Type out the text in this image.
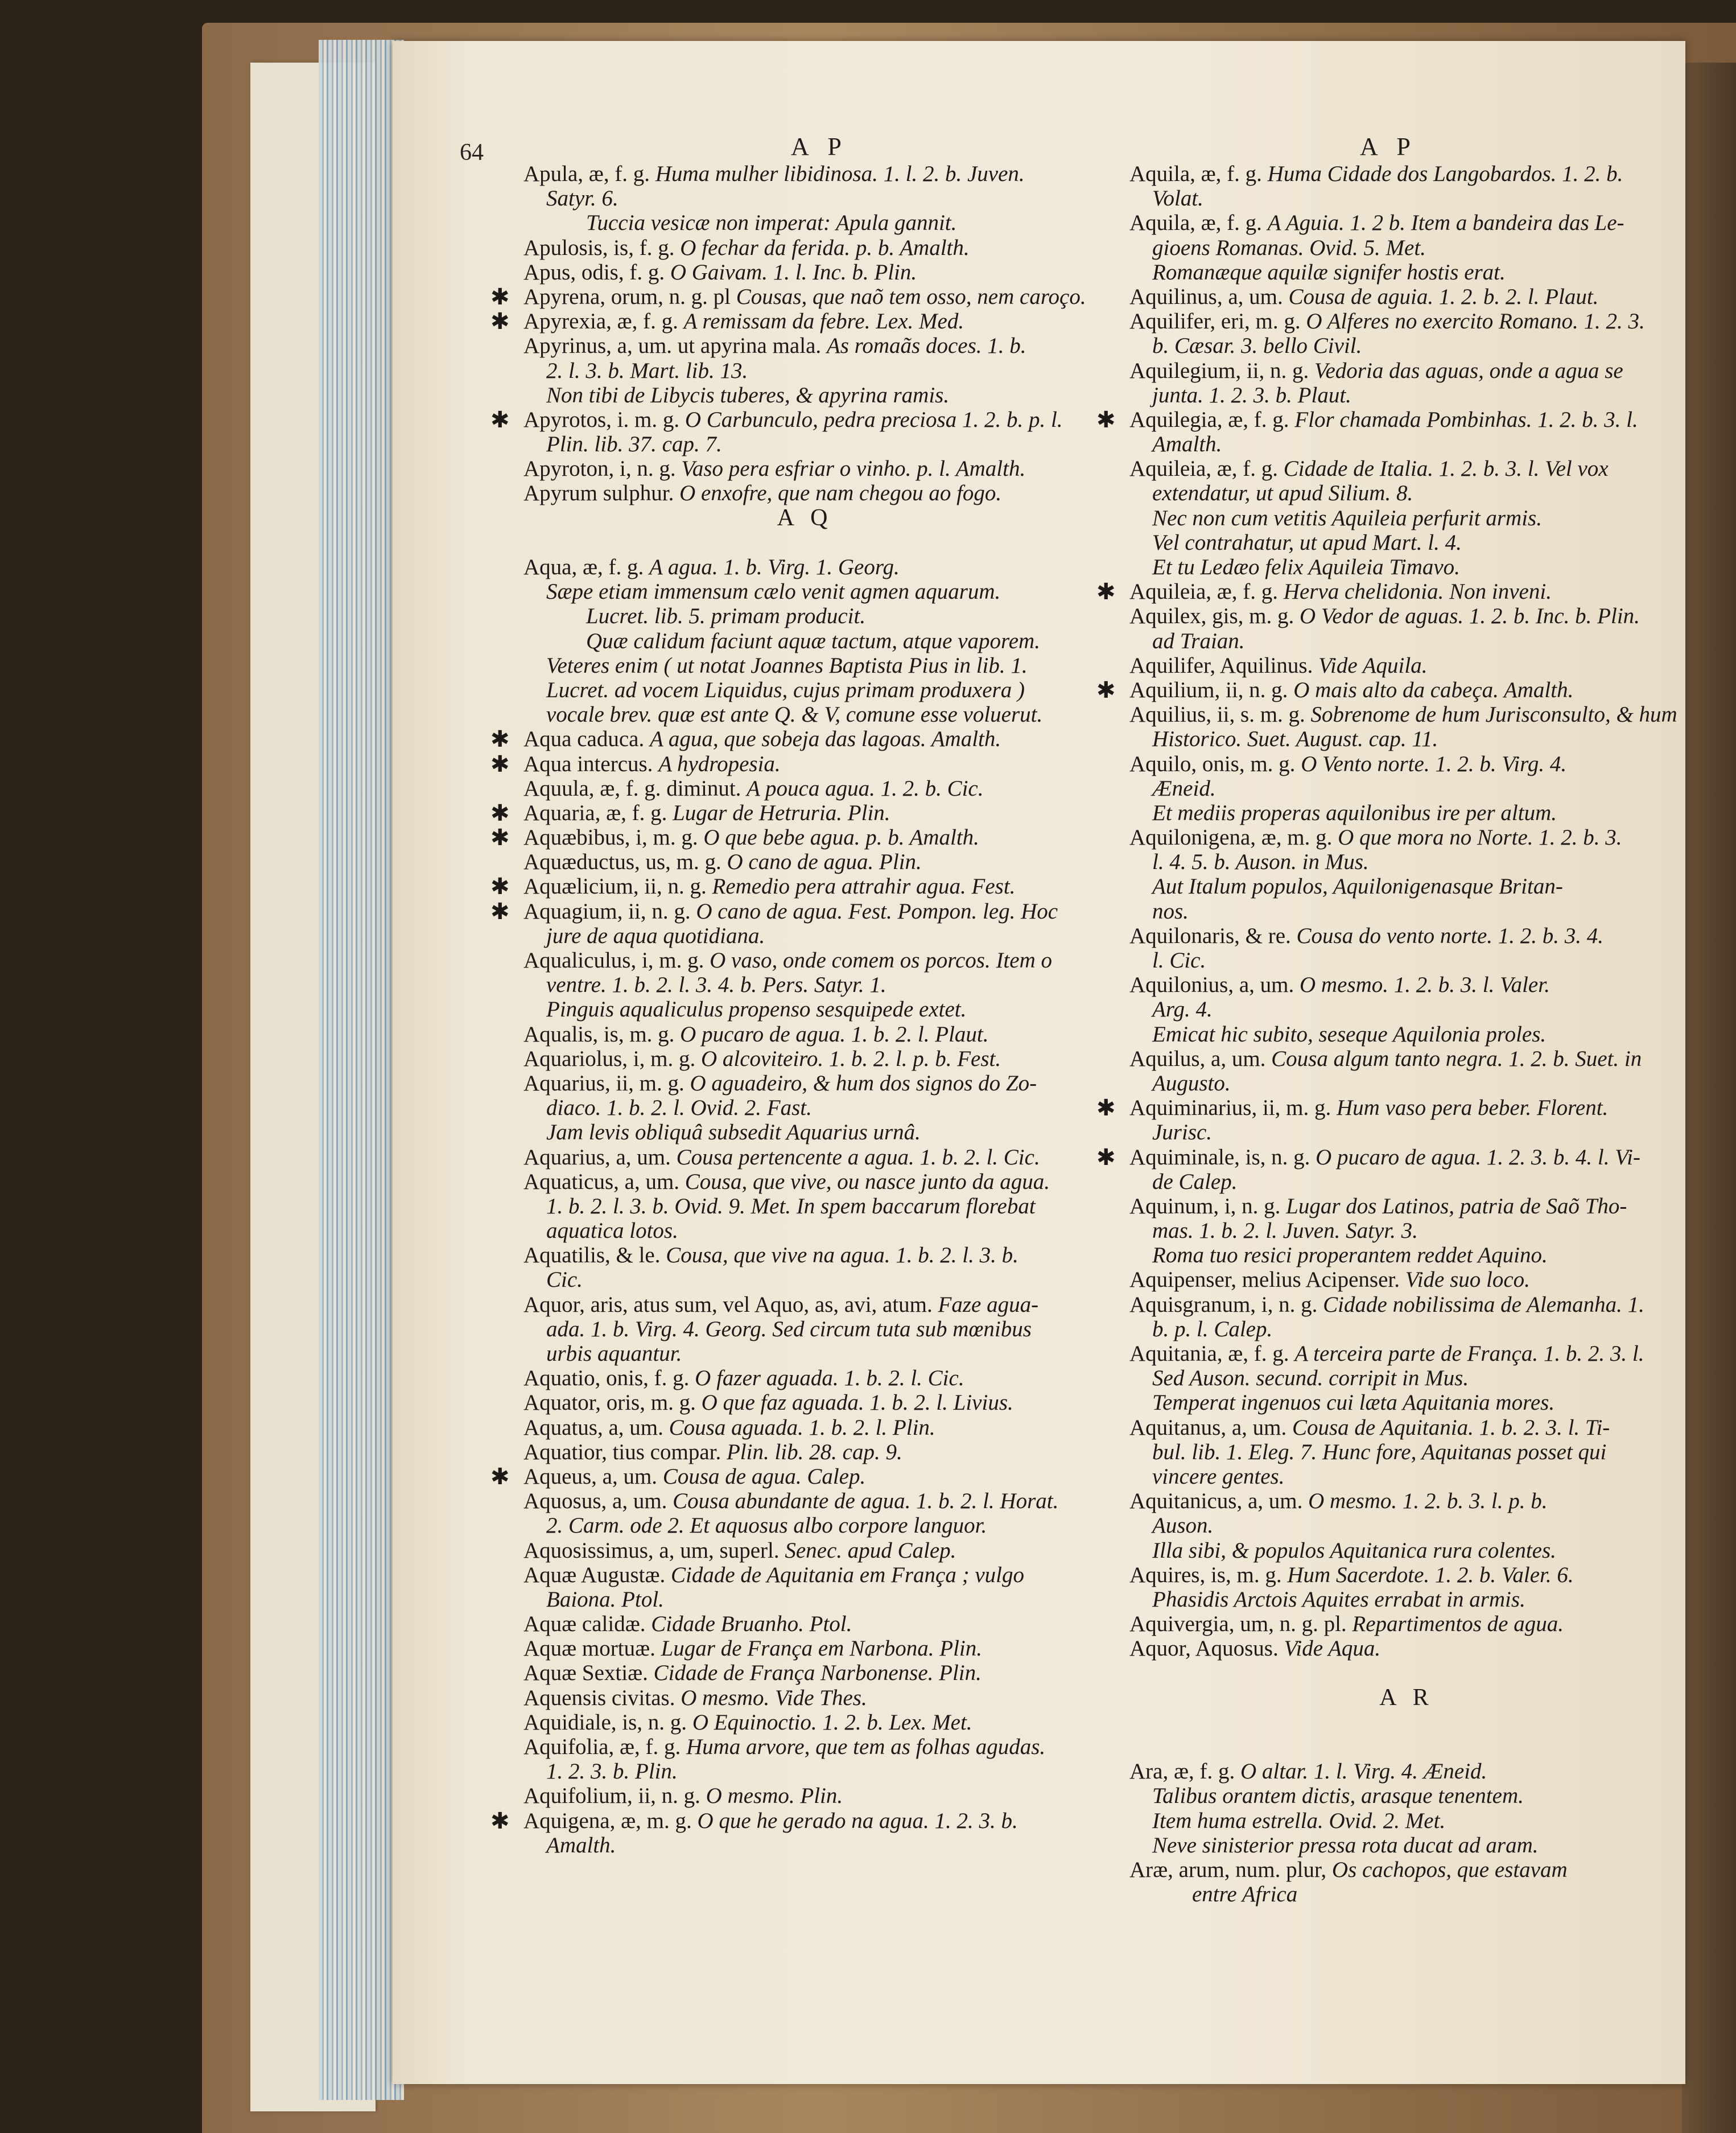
64	A P	A P
Apula, æ, f. g. Huma mulher libidinosa. 1. l. 2. b. Juven.
Satyr. 6.
Tuccia vesicæ non imperat: Apula gannit.
Apulosis, is, f. g. O fechar da ferida. p. b. Amalth.
Apus, odis, f. g. O Gaivam. 1. l. Inc. b. Plin.
✱ Apyrena, orum, n. g. pl Cousas, que naõ tem osso, nem caroço.
✱ Apyrexia, æ, f. g. A remissam da febre. Lex. Med.
Apyrinus, a, um. ut apyrina mala. As romaãs doces. 1. b.
2. l. 3. b. Mart. lib. 13.
Non tibi de Libycis tuberes, & apyrina ramis.
✱ Apyrotos, i. m. g. O Carbunculo, pedra preciosa 1. 2. b. p. l.
Plin. lib. 37. cap. 7.
Apyroton, i, n. g. Vaso pera esfriar o vinho. p. l. Amalth.
Apyrum sulphur. O enxofre, que nam chegou ao fogo.
A Q
Aqua, æ, f. g. A agua. 1. b. Virg. 1. Georg.
Sæpe etiam immensum cælo venit agmen aquarum.
Lucret. lib. 5. primam producit.
Quæ calidum faciunt aquæ tactum, atque vaporem.
Veteres enim ( ut notat Joannes Baptista Pius in lib. 1.
Lucret. ad vocem Liquidus, cujus primam produxera )
vocale brev. quæ est ante Q. & V, comune esse voluerut.
✱ Aqua caduca. A agua, que sobeja das lagoas. Amalth.
✱ Aqua intercus. A hydropesia.
Aquula, æ, f. g. diminut. A pouca agua. 1. 2. b. Cic.
✱ Aquaria, æ, f. g. Lugar de Hetruria. Plin.
✱ Aquæbibus, i, m. g. O que bebe agua. p. b. Amalth.
Aquæductus, us, m. g. O cano de agua. Plin.
✱ Aquælicium, ii, n. g. Remedio pera attrahir agua. Fest.
✱ Aquagium, ii, n. g. O cano de agua. Fest. Pompon. leg. Hoc
jure de aqua quotidiana.
Aqualiculus, i, m. g. O vaso, onde comem os porcos. Item o
ventre. 1. b. 2. l. 3. 4. b. Pers. Satyr. 1.
Pinguis aqualiculus propenso sesquipede extet.
Aqualis, is, m. g. O pucaro de agua. 1. b. 2. l. Plaut.
Aquariolus, i, m. g. O alcoviteiro. 1. b. 2. l. p. b. Fest.
Aquarius, ii, m. g. O aguadeiro, & hum dos signos do Zo-
diaco. 1. b. 2. l. Ovid. 2. Fast.
Jam levis obliquâ subsedit Aquarius urnâ.
Aquarius, a, um. Cousa pertencente a agua. 1. b. 2. l. Cic.
Aquaticus, a, um. Cousa, que vive, ou nasce junto da agua.
1. b. 2. l. 3. b. Ovid. 9. Met. In spem baccarum florebat
aquatica lotos.
Aquatilis, & le. Cousa, que vive na agua. 1. b. 2. l. 3. b.
Cic.
Aquor, aris, atus sum, vel Aquo, as, avi, atum. Faze agua-
ada. 1. b. Virg. 4. Georg. Sed circum tuta sub mœnibus
urbis aquantur.
Aquatio, onis, f. g. O fazer aguada. 1. b. 2. l. Cic.
Aquator, oris, m. g. O que faz aguada. 1. b. 2. l. Livius.
Aquatus, a, um. Cousa aguada. 1. b. 2. l. Plin.
Aquatior, tius compar. Plin. lib. 28. cap. 9.
✱ Aqueus, a, um. Cousa de agua. Calep.
Aquosus, a, um. Cousa abundante de agua. 1. b. 2. l. Horat.
2. Carm. ode 2. Et aquosus albo corpore languor.
Aquosissimus, a, um, superl. Senec. apud Calep.
Aquæ Augustæ. Cidade de Aquitania em França ; vulgo
Baiona. Ptol.
Aquæ calidæ. Cidade Bruanho. Ptol.
Aquæ mortuæ. Lugar de França em Narbona. Plin.
Aquæ Sextiæ. Cidade de França Narbonense. Plin.
Aquensis civitas. O mesmo. Vide Thes.
Aquidiale, is, n. g. O Equinoctio. 1. 2. b. Lex. Met.
Aquifolia, æ, f. g. Huma arvore, que tem as folhas agudas.
1. 2. 3. b. Plin.
Aquifolium, ii, n. g. O mesmo. Plin.
✱ Aquigena, æ, m. g. O que he gerado na agua. 1. 2. 3. b.
Amalth.
Aquila, æ, f. g. Huma Cidade dos Langobardos. 1. 2. b.
Volat.
Aquila, æ, f. g. A Aguia. 1. 2 b. Item a bandeira das Le-
gioens Romanas. Ovid. 5. Met.
Romanæque aquilæ signifer hostis erat.
Aquilinus, a, um. Cousa de aguia. 1. 2. b. 2. l. Plaut.
Aquilifer, eri, m. g. O Alferes no exercito Romano. 1. 2. 3.
b. Cæsar. 3. bello Civil.
Aquilegium, ii, n. g. Vedoria das aguas, onde a agua se
junta. 1. 2. 3. b. Plaut.
✱ Aquilegia, æ, f. g. Flor chamada Pombinhas. 1. 2. b. 3. l.
Amalth.
Aquileia, æ, f. g. Cidade de Italia. 1. 2. b. 3. l. Vel vox
extendatur, ut apud Silium. 8.
Nec non cum vetitis Aquileia perfurit armis.
Vel contrahatur, ut apud Mart. l. 4.
Et tu Ledæo felix Aquileia Timavo.
✱ Aquileia, æ, f. g. Herva chelidonia. Non inveni.
Aquilex, gis, m. g. O Vedor de aguas. 1. 2. b. Inc. b. Plin.
ad Traian.
Aquilifer, Aquilinus. Vide Aquila.
✱ Aquilium, ii, n. g. O mais alto da cabeça. Amalth.
Aquilius, ii, s. m. g. Sobrenome de hum Jurisconsulto, & hum
Historico. Suet. August. cap. 11.
Aquilo, onis, m. g. O Vento norte. 1. 2. b. Virg. 4.
Æneid.
Et mediis properas aquilonibus ire per altum.
Aquilonigena, æ, m. g. O que mora no Norte. 1. 2. b. 3.
l. 4. 5. b. Auson. in Mus.
Aut Italum populos, Aquilonigenasque Britan-
nos.
Aquilonaris, & re. Cousa do vento norte. 1. 2. b. 3. 4.
l. Cic.
Aquilonius, a, um. O mesmo. 1. 2. b. 3. l. Valer.
Arg. 4.
Emicat hic subito, seseque Aquilonia proles.
Aquilus, a, um. Cousa algum tanto negra. 1. 2. b. Suet. in
Augusto.
✱ Aquiminarius, ii, m. g. Hum vaso pera beber. Florent.
Jurisc.
✱ Aquiminale, is, n. g. O pucaro de agua. 1. 2. 3. b. 4. l. Vi-
de Calep.
Aquinum, i, n. g. Lugar dos Latinos, patria de Saõ Tho-
mas. 1. b. 2. l. Juven. Satyr. 3.
Roma tuo resici properantem reddet Aquino.
Aquipenser, melius Acipenser. Vide suo loco.
Aquisgranum, i, n. g. Cidade nobilissima de Alemanha. 1.
b. p. l. Calep.
Aquitania, æ, f. g. A terceira parte de França. 1. b. 2. 3. l.
Sed Auson. secund. corripit in Mus.
Temperat ingenuos cui læta Aquitania mores.
Aquitanus, a, um. Cousa de Aquitania. 1. b. 2. 3. l. Ti-
bul. lib. 1. Eleg. 7. Hunc fore, Aquitanas posset qui
vincere gentes.
Aquitanicus, a, um. O mesmo. 1. 2. b. 3. l. p. b.
Auson.
Illa sibi, & populos Aquitanica rura colentes.
Aquires, is, m. g. Hum Sacerdote. 1. 2. b. Valer. 6.
Phasidis Arctois Aquites errabat in armis.
Aquivergia, um, n. g. pl. Repartimentos de agua.
Aquor, Aquosus. Vide Aqua.
A R
Ara, æ, f. g. O altar. 1. l. Virg. 4. Æneid.
Talibus orantem dictis, arasque tenentem.
Item huma estrella. Ovid. 2. Met.
Neve sinisterior pressa rota ducat ad aram.
Aræ, arum, num. plur, Os cachopos, que estavam
entre Africa
